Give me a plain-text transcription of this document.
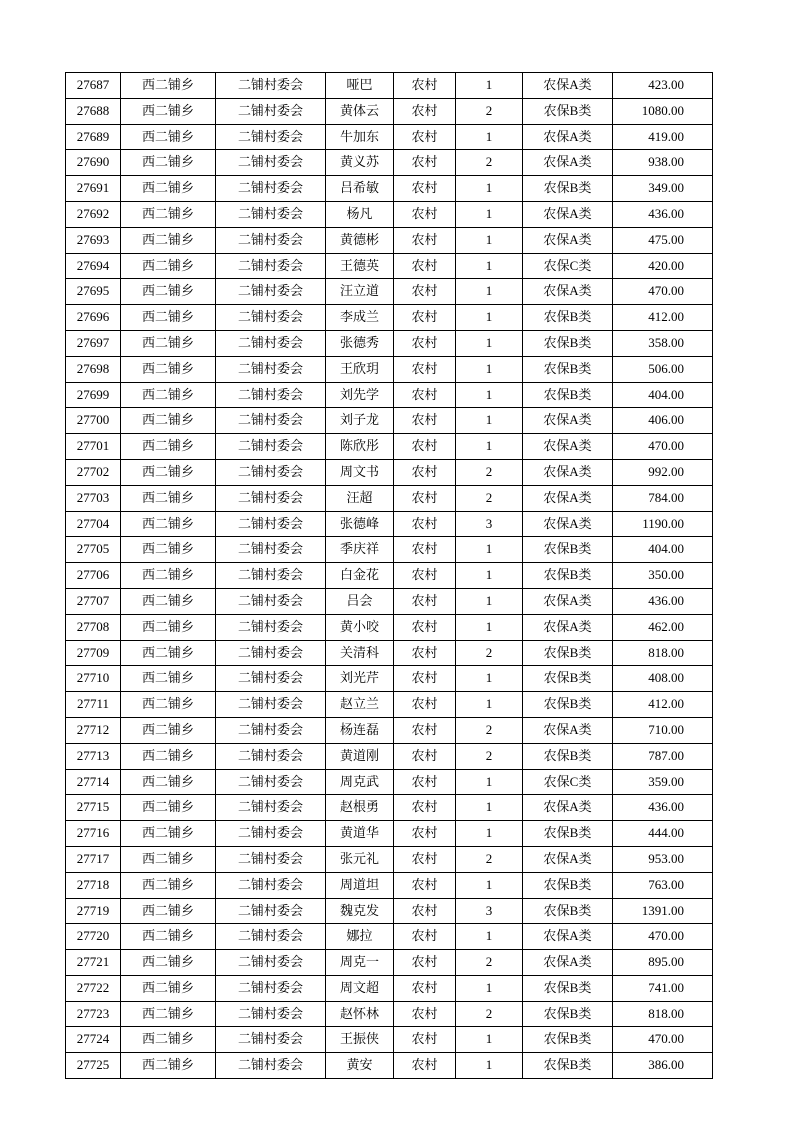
27687	西二铺乡	二铺村委会	哑巴	农村	1	农保A类	423.00
27688	西二铺乡	二铺村委会	黄体云	农村	2	农保B类	1080.00
27689	西二铺乡	二铺村委会	牛加东	农村	1	农保A类	419.00
27690	西二铺乡	二铺村委会	黄义苏	农村	2	农保A类	938.00
27691	西二铺乡	二铺村委会	吕希敏	农村	1	农保B类	349.00
27692	西二铺乡	二铺村委会	杨凡	农村	1	农保A类	436.00
27693	西二铺乡	二铺村委会	黄德彬	农村	1	农保A类	475.00
27694	西二铺乡	二铺村委会	王德英	农村	1	农保C类	420.00
27695	西二铺乡	二铺村委会	汪立道	农村	1	农保A类	470.00
27696	西二铺乡	二铺村委会	李成兰	农村	1	农保B类	412.00
27697	西二铺乡	二铺村委会	张德秀	农村	1	农保B类	358.00
27698	西二铺乡	二铺村委会	王欣玥	农村	1	农保B类	506.00
27699	西二铺乡	二铺村委会	刘先学	农村	1	农保B类	404.00
27700	西二铺乡	二铺村委会	刘子龙	农村	1	农保A类	406.00
27701	西二铺乡	二铺村委会	陈欣彤	农村	1	农保A类	470.00
27702	西二铺乡	二铺村委会	周文书	农村	2	农保A类	992.00
27703	西二铺乡	二铺村委会	汪超	农村	2	农保A类	784.00
27704	西二铺乡	二铺村委会	张德峰	农村	3	农保A类	1190.00
27705	西二铺乡	二铺村委会	季庆祥	农村	1	农保B类	404.00
27706	西二铺乡	二铺村委会	白金花	农村	1	农保B类	350.00
27707	西二铺乡	二铺村委会	吕会	农村	1	农保A类	436.00
27708	西二铺乡	二铺村委会	黄小咬	农村	1	农保A类	462.00
27709	西二铺乡	二铺村委会	关清科	农村	2	农保B类	818.00
27710	西二铺乡	二铺村委会	刘光芹	农村	1	农保B类	408.00
27711	西二铺乡	二铺村委会	赵立兰	农村	1	农保B类	412.00
27712	西二铺乡	二铺村委会	杨连磊	农村	2	农保A类	710.00
27713	西二铺乡	二铺村委会	黄道刚	农村	2	农保B类	787.00
27714	西二铺乡	二铺村委会	周克武	农村	1	农保C类	359.00
27715	西二铺乡	二铺村委会	赵根勇	农村	1	农保A类	436.00
27716	西二铺乡	二铺村委会	黄道华	农村	1	农保B类	444.00
27717	西二铺乡	二铺村委会	张元礼	农村	2	农保A类	953.00
27718	西二铺乡	二铺村委会	周道坦	农村	1	农保B类	763.00
27719	西二铺乡	二铺村委会	魏克发	农村	3	农保B类	1391.00
27720	西二铺乡	二铺村委会	娜拉	农村	1	农保A类	470.00
27721	西二铺乡	二铺村委会	周克一	农村	2	农保A类	895.00
27722	西二铺乡	二铺村委会	周文超	农村	1	农保B类	741.00
27723	西二铺乡	二铺村委会	赵怀林	农村	2	农保B类	818.00
27724	西二铺乡	二铺村委会	王振侠	农村	1	农保B类	470.00
27725	西二铺乡	二铺村委会	黄安	农村	1	农保B类	386.00
